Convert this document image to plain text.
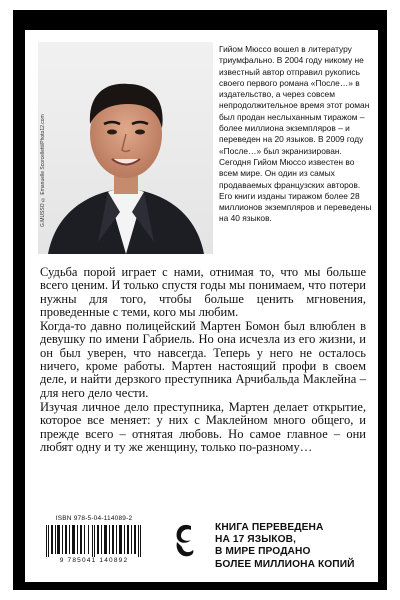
G.MUSSO © Emanuelle Scorcelletti/Photo12.com
Гийом Мюссо вошел в литературу триумфально. В 2004 году никому не известный автор отправил рукопись своего первого романа «После…» в издательство, а через совсем непродолжительное время этот роман был продан неслыханным тиражом – более миллиона экземпляров – и переведен на 20 языков. В 2009 году «После…» был экранизирован. Сегодня Гийом Мюссо известен во всем мире. Он один из самых продаваемых французских авторов. Его книги изданы тиражом более 28 миллионов экземпляров и переведены на 40 языков.

Судьба порой играет с нами, отнимая то, что мы больше всего ценим. И только спустя годы мы понимаем, что потери нужны для того, чтобы больше ценить мгновения, проведенные с теми, кого мы любим.

Когда-то давно полицейский Мартен Бомон был влюблен в девушку по имени Габриель. Но она исчезла из его жизни, и он был уверен, что навсегда. Теперь у него не осталось ничего, кроме работы. Мартен настоящий профи в своем деле, и найти дерзкого преступника Арчибальда Маклейна – для него дело чести.

Изучая личное дело преступника, Мартен делает открытие, которое все меняет: у них с Маклейном много общего, и прежде всего – отнятая любовь. Но самое главное – они любят одну и ту же женщину, только по-разному…

ISBN 978-5-04-114089-2
9 785041 140892
КНИГА ПЕРЕВЕДЕНА
НА 17 ЯЗЫКОВ,
В МИРЕ ПРОДАНО
БОЛЕЕ МИЛЛИОНА КОПИЙ
